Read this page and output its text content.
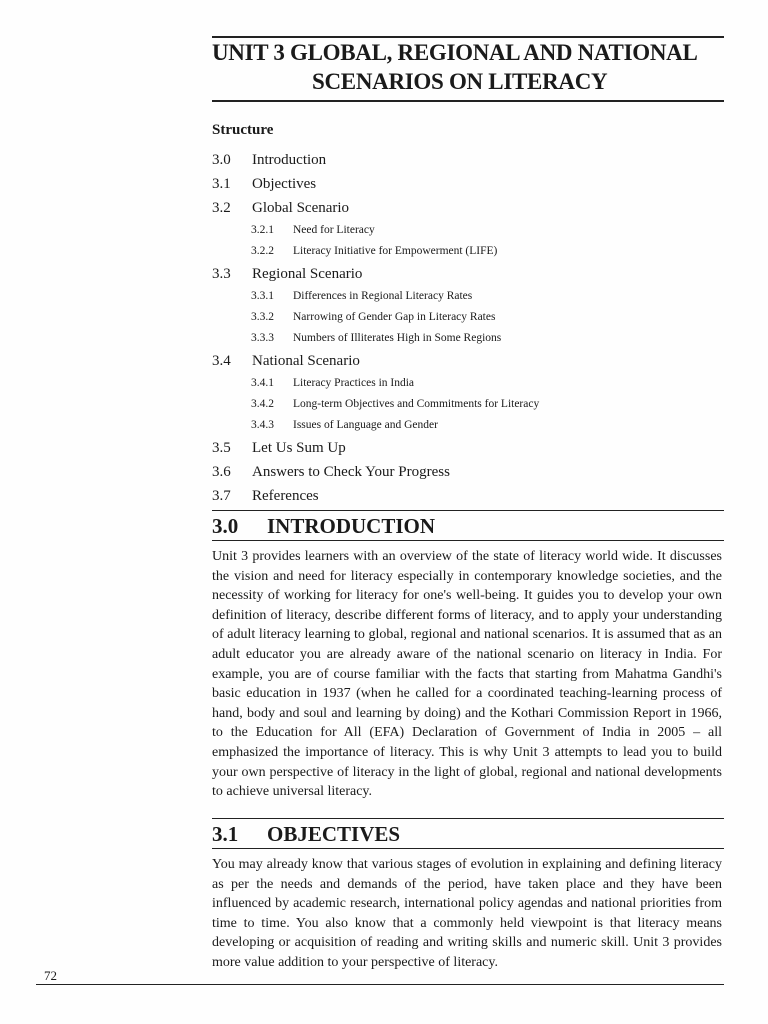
UNIT 3 GLOBAL, REGIONAL AND NATIONAL
SCENARIOS ON LITERACY
Structure
3.0 Introduction
3.1 Objectives
3.2 Global Scenario
3.2.1 Need for Literacy
3.2.2 Literacy Initiative for Empowerment (LIFE)
3.3 Regional Scenario
3.3.1 Differences in Regional Literacy Rates
3.3.2 Narrowing of Gender Gap in Literacy Rates
3.3.3 Numbers of Illiterates High in Some Regions
3.4 National Scenario
3.4.1 Literacy Practices in India
3.4.2 Long-term Objectives and Commitments for Literacy
3.4.3 Issues of Language and Gender
3.5 Let Us Sum Up
3.6 Answers to Check Your Progress
3.7 References
3.0 INTRODUCTION

Unit 3 provides learners with an overview of the state of literacy world wide. It discusses the vision and need for literacy especially in contemporary knowledge societies, and the necessity of working for literacy for one's well-being. It guides you to develop your own definition of literacy, describe different forms of literacy, and to apply your understanding of adult literacy learning to global, regional and national scenarios. It is assumed that as an adult educator you are already aware of the national scenario on literacy in India. For example, you are of course familiar with the facts that starting from Mahatma Gandhi's basic education in 1937 (when he called for a coordinated teaching-learning process of hand, body and soul and learning by doing) and the Kothari Commission Report in 1966, to the Education for All (EFA) Declaration of Government of India in 2005 – all emphasized the importance of literacy. This is why Unit 3 attempts to lead you to build your own perspective of literacy in the light of global, regional and national developments to achieve universal literacy.

3.1 OBJECTIVES

You may already know that various stages of evolution in explaining and defining literacy as per the needs and demands of the period, have taken place and they have been influenced by academic research, international policy agendas and national priorities from time to time. You also know that a commonly held viewpoint is that literacy means developing or acquisition of reading and writing skills and numeric skill. Unit 3 provides more value addition to your perspective of literacy.

72
